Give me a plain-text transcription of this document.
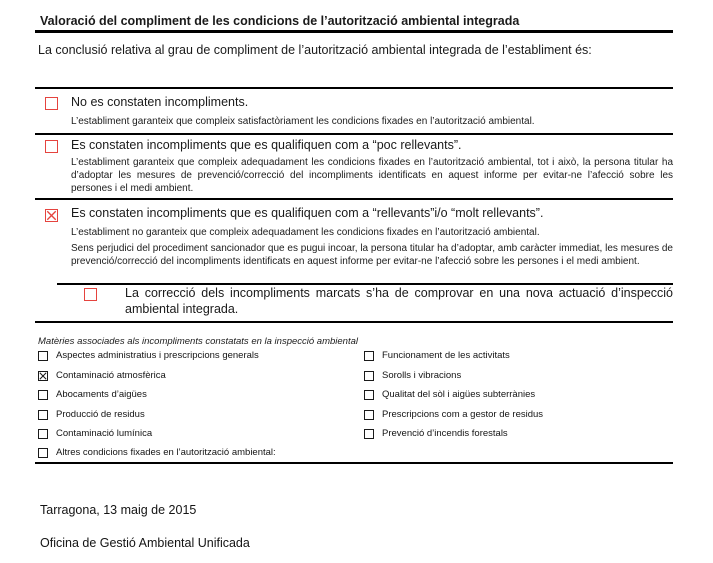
Valoració del compliment de les condicions de l’autorització ambiental integrada
La conclusió relativa al grau de compliment de l’autorització ambiental integrada de l’establiment és:
No es constaten incompliments.
L’establiment garanteix que compleix satisfactòriament les condicions fixades en l’autorització ambiental.
Es constaten incompliments que es qualifiquen com a “poc rellevants”.
L’establiment garanteix que compleix adequadament les condicions fixades en l’autorització ambiental, tot i això, la persona titular ha d’adoptar les mesures de prevenció/correcció del incompliments identificats en aquest informe per evitar-ne l’afecció sobre les persones i el medi ambient.
Es constaten incompliments que es qualifiquen com a “rellevants”i/o “molt rellevants”.
L’establiment no garanteix que compleix adequadament les condicions fixades en l’autorització ambiental.
Sens perjudici del procediment sancionador que es pugui incoar, la persona titular ha d’adoptar, amb caràcter immediat, les mesures de prevenció/correcció del incompliments identificats en aquest informe per evitar-ne l’afecció sobre les persones i el medi ambient.
La correcció dels incompliments marcats s’ha de comprovar en una nova actuació d’inspecció ambiental integrada.
Matèries associades als incompliments constatats en la inspecció ambiental
Aspectes administratius i prescripcions generals
Contaminació atmosfèrica
Abocaments d’aigües
Producció de residus
Contaminació lumínica
Altres condicions fixades en l’autorització ambiental:
Funcionament de les activitats
Sorolls i vibracions
Qualitat del sòl i aigües subterrànies
Prescripcions com a gestor de residus
Prevenció d’incendis forestals
Tarragona, 13 maig de 2015
Oficina de Gestió Ambiental Unificada
